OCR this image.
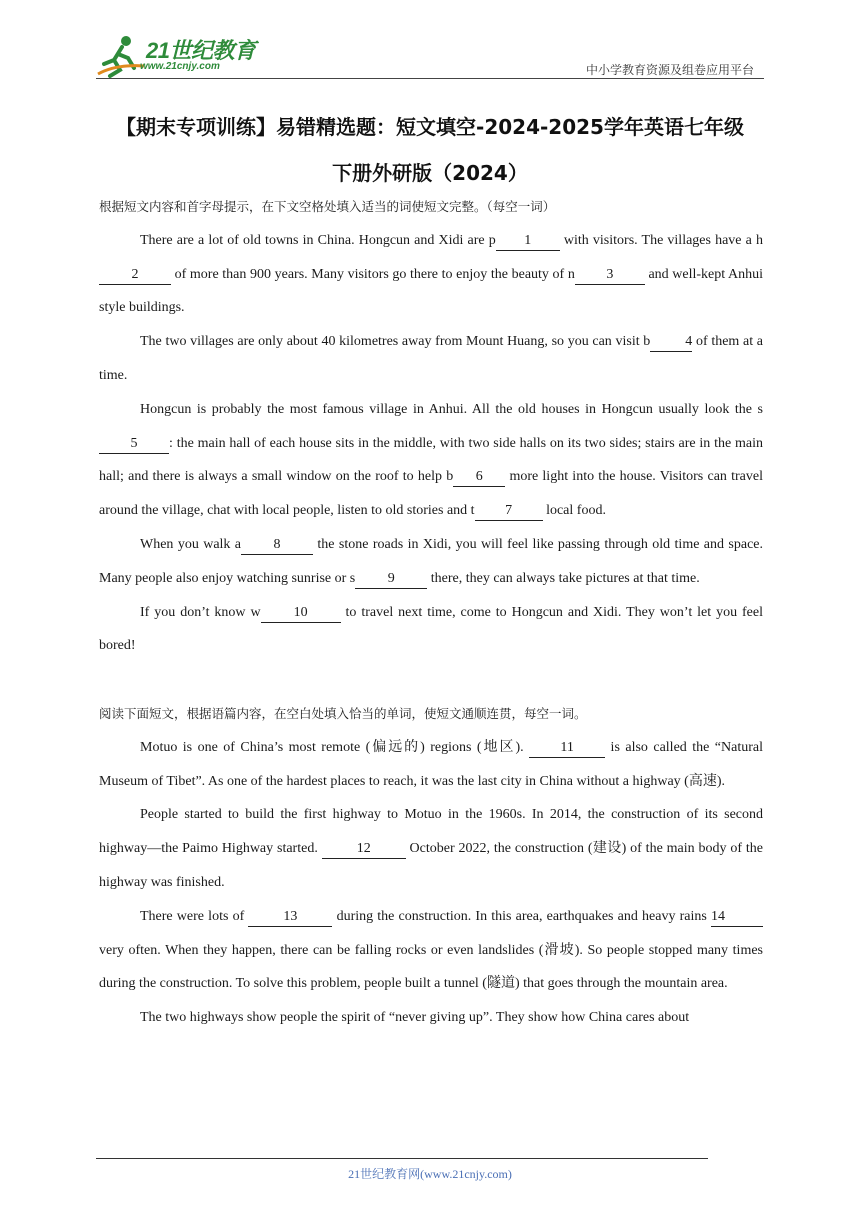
21世纪教育
www.21cnjy.com	中小学教育资源及组卷应用平台
【期末专项训练】易错精选题：短文填空-2024-2025学年英语七年级
下册外研版（2024）

根据短文内容和首字母提示，在下文空格处填入适当的词使短文完整。（每空一词）

There are a lot of old towns in China. Hongcun and Xidi are p 1 with visitors. The villages have a h2 of more than 900 years. Many visitors go there to enjoy the beauty of n 3 and well-kept Anhui style buildings.

The two villages are only about 40 kilometres away from Mount Huang, so you can visit b	4 of them at a time.

Hongcun is probably the most famous village in Anhui. All the old houses in Hongcun usually look the s5 : the main hall of each house sits in the middle, with two side halls on its two sides; stairs are in the main hall; and there is always a small window on the roof to help b 6 more light into the house. Visitors can travel around the village, chat with local people, listen to old stories and t 7 local food.

When you walk a 8 the stone roads in Xidi, you will feel like passing through old time and space. Many people also enjoy watching sunrise or s 9 there, they can always take pictures at that time.

If you don’t know w 10 to travel next time, come to Hongcun and Xidi. They won’t let you feel bored!

阅读下面短文，根据语篇内容，在空白处填入恰当的单词，使短文通顺连贯，每空一词。

Motuo is one of China’s most remote (偏远的) regions (地区). 11 is also called the “Natural Museum of Tibet”. As one of the hardest places to reach, it was the last city in China without a highway (高速).

People started to build the first highway to Motuo in the 1960s. In 2014, the construction of its second highway—the Paimo Highway started.	12	October 2022, the construction (建设) of the main body of the highway was finished.

There were lots of	13	during the construction. In this area, earthquakes and heavy rains 14 very often. When they happen, there can be falling rocks or even landslides (滑坡). So people stopped many times during the construction. To solve this problem, people built a tunnel (隧道) that goes through the mountain area.

The two highways show people the spirit of “never giving up”. They show how China cares about

21世纪教育网(www.21cnjy.com)
